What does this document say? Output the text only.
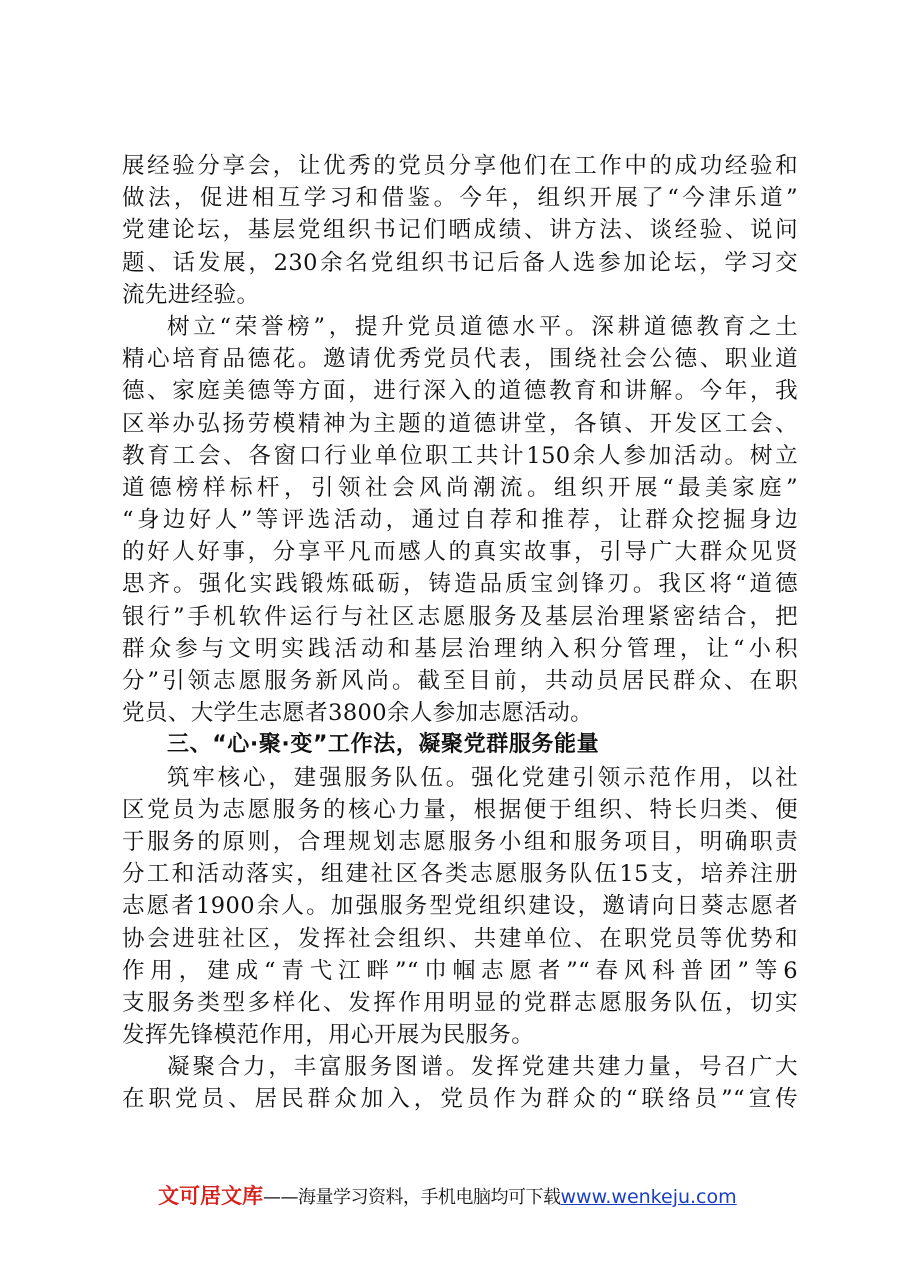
展经验分享会，让优秀的党员分享他们在工作中的成功经验和
做法，促进相互学习和借鉴。今年，组织开展了“今津乐道”
党建论坛，基层党组织书记们晒成绩、讲方法、谈经验、说问
题、话发展，230余名党组织书记后备人选参加论坛，学习交
流先进经验。
树立“荣誉榜”，提升党员道德水平。深耕道德教育之土
精心培育品德花。邀请优秀党员代表，围绕社会公德、职业道
德、家庭美德等方面，进行深入的道德教育和讲解。今年，我
区举办弘扬劳模精神为主题的道德讲堂，各镇、开发区工会、
教育工会、各窗口行业单位职工共计150余人参加活动。树立
道德榜样标杆，引领社会风尚潮流。组织开展“最美家庭”
“身边好人”等评选活动，通过自荐和推荐，让群众挖掘身边
的好人好事，分享平凡而感人的真实故事，引导广大群众见贤
思齐。强化实践锻炼砥砺，铸造品质宝剑锋刃。我区将“道德
银行”手机软件运行与社区志愿服务及基层治理紧密结合，把
群众参与文明实践活动和基层治理纳入积分管理，让“小积
分”引领志愿服务新风尚。截至目前，共动员居民群众、在职
党员、大学生志愿者3800余人参加志愿活动。
三、“心·聚·变”工作法，凝聚党群服务能量
筑牢核心，建强服务队伍。强化党建引领示范作用，以社
区党员为志愿服务的核心力量，根据便于组织、特长归类、便
于服务的原则，合理规划志愿服务小组和服务项目，明确职责
分工和活动落实，组建社区各类志愿服务队伍15支，培养注册
志愿者1900余人。加强服务型党组织建设，邀请向日葵志愿者
协会进驻社区，发挥社会组织、共建单位、在职党员等优势和
作用，建成“青弋江畔”“巾帼志愿者”“春风科普团”等6
支服务类型多样化、发挥作用明显的党群志愿服务队伍，切实
发挥先锋模范作用，用心开展为民服务。
凝聚合力，丰富服务图谱。发挥党建共建力量，号召广大
在职党员、居民群众加入，党员作为群众的“联络员”“宣传
文可居文库——海量学习资料，手机电脑均可下载www.wenkeju.com
